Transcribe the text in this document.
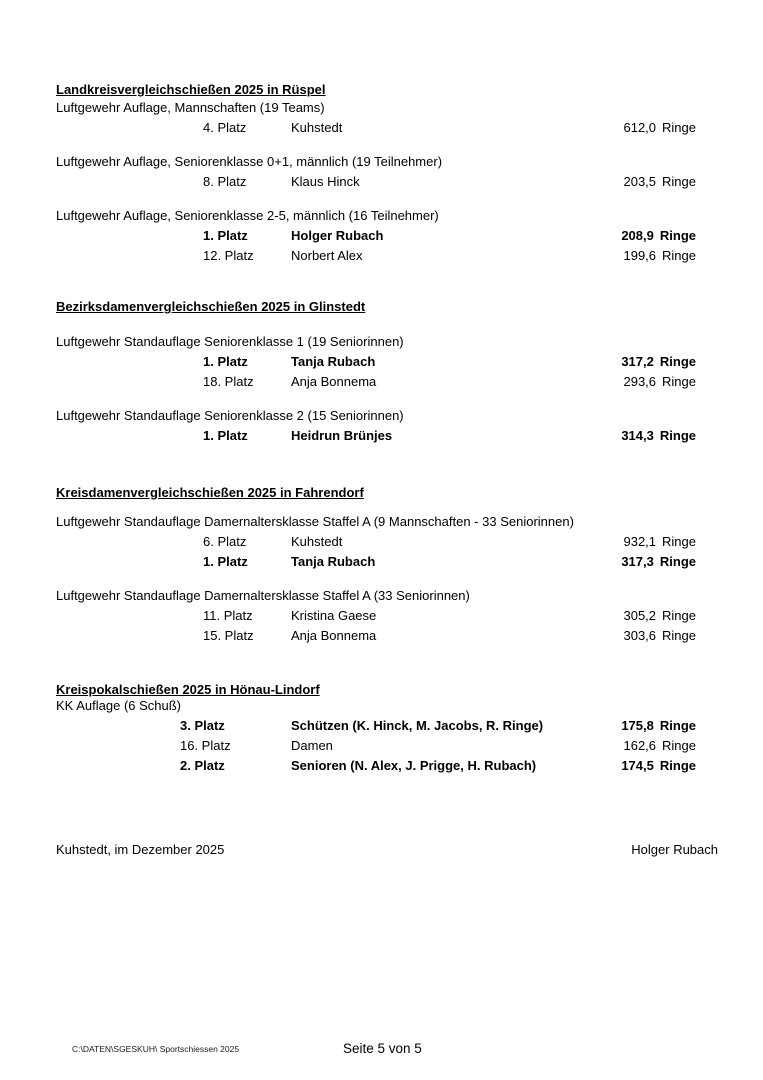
Landkreisvergleichschießen 2025 in Rüspel
Luftgewehr Auflage, Mannschaften (19 Teams)
4. Platz	Kuhstedt	612,0 Ringe
Luftgewehr Auflage, Seniorenklasse 0+1, männlich (19 Teilnehmer)
8. Platz	Klaus Hinck	203,5 Ringe
Luftgewehr Auflage, Seniorenklasse 2-5, männlich (16 Teilnehmer)
1. Platz	Holger Rubach	208,9 Ringe
12. Platz	Norbert Alex	199,6 Ringe
Bezirksdamenvergleichschießen 2025 in Glinstedt
Luftgewehr Standauflage Seniorenklasse 1 (19 Seniorinnen)
1. Platz	Tanja Rubach	317,2 Ringe
18. Platz	Anja Bonnema	293,6 Ringe
Luftgewehr Standauflage Seniorenklasse 2 (15 Seniorinnen)
1. Platz	Heidrun Brünjes	314,3 Ringe
Kreisdamenvergleichschießen 2025 in Fahrendorf
Luftgewehr Standauflage Damernaltersklasse Staffel A (9 Mannschaften - 33 Seniorinnen)
6. Platz	Kuhstedt	932,1 Ringe
1. Platz	Tanja Rubach	317,3 Ringe
Luftgewehr Standauflage Damernaltersklasse Staffel A (33 Seniorinnen)
11. Platz	Kristina Gaese	305,2 Ringe
15. Platz	Anja Bonnema	303,6 Ringe
Kreispokalschießen 2025 in Hönau-Lindorf
KK Auflage (6 Schuß)
3. Platz	Schützen (K. Hinck, M. Jacobs, R. Ringe)	175,8 Ringe
16. Platz	Damen	162,6 Ringe
2. Platz	Senioren (N. Alex, J. Prigge, H. Rubach)	174,5 Ringe
Kuhstedt, im Dezember 2025	Holger Rubach
C:\DATEN\SGESKUH\ Sportschiessen 2025	Seite 5 von 5
